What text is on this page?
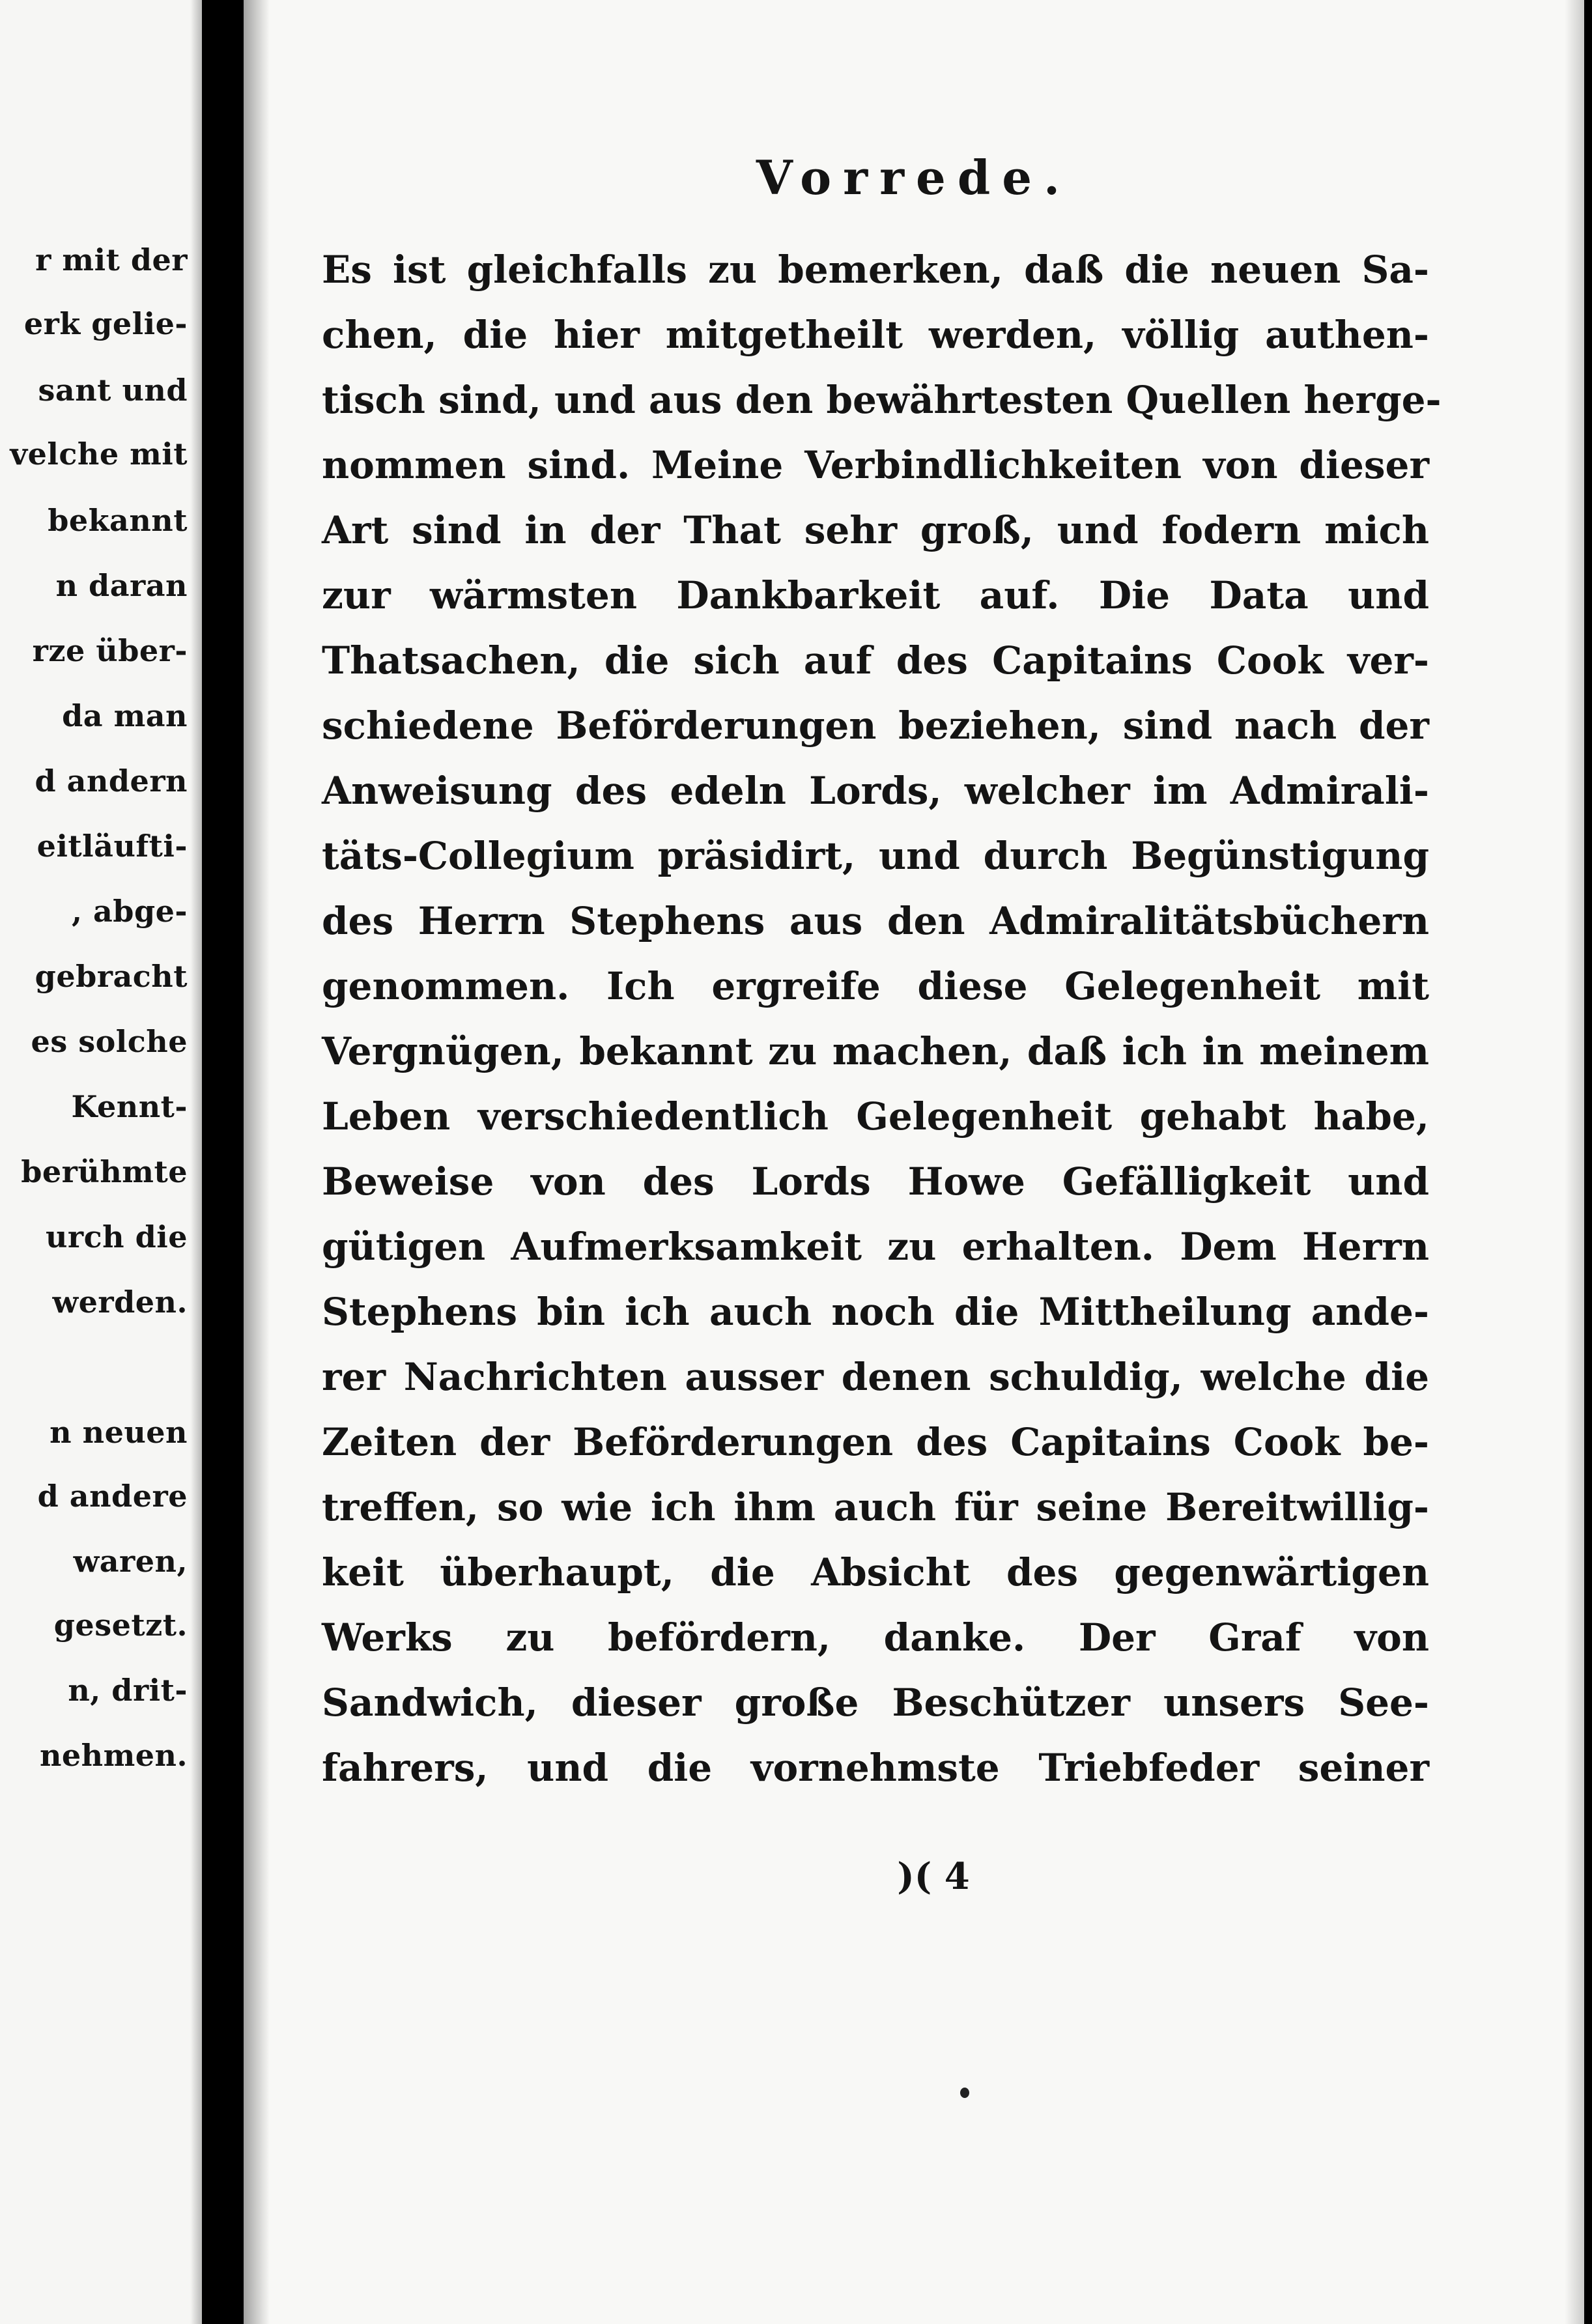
r mit der
erk gelie-
sant und
velche mit
bekannt
n daran
rze über-
da man
d andern
eitläufti-
, abge-
gebracht
es solche
Kennt-
berühmte
urch die
werden.
n neuen
d andere
waren,
gesetzt.
n, drit-
nehmen.
Vorrede.
Es ist gleichfalls zu bemerken, daß die neuen Sa-
chen, die hier mitgetheilt werden, völlig authen-
tisch sind, und aus den bewährtesten Quellen herge-
nommen sind. Meine Verbindlichkeiten von dieser
Art sind in der That sehr groß, und fodern mich
zur wärmsten Dankbarkeit auf. Die Data und
Thatsachen, die sich auf des Capitains Cook ver-
schiedene Beförderungen beziehen, sind nach der
Anweisung des edeln Lords, welcher im Admirali-
täts-Collegium präsidirt, und durch Begünstigung
des Herrn Stephens aus den Admiralitätsbüchern
genommen. Ich ergreife diese Gelegenheit mit
Vergnügen, bekannt zu machen, daß ich in meinem
Leben verschiedentlich Gelegenheit gehabt habe,
Beweise von des Lords Howe Gefälligkeit und
gütigen Aufmerksamkeit zu erhalten. Dem Herrn
Stephens bin ich auch noch die Mittheilung ande-
rer Nachrichten ausser denen schuldig, welche die
Zeiten der Beförderungen des Capitains Cook be-
treffen, so wie ich ihm auch für seine Bereitwillig-
keit überhaupt, die Absicht des gegenwärtigen
Werks zu befördern, danke. Der Graf von
Sandwich, dieser große Beschützer unsers See-
fahrers, und die vornehmste Triebfeder seiner
)( 4
